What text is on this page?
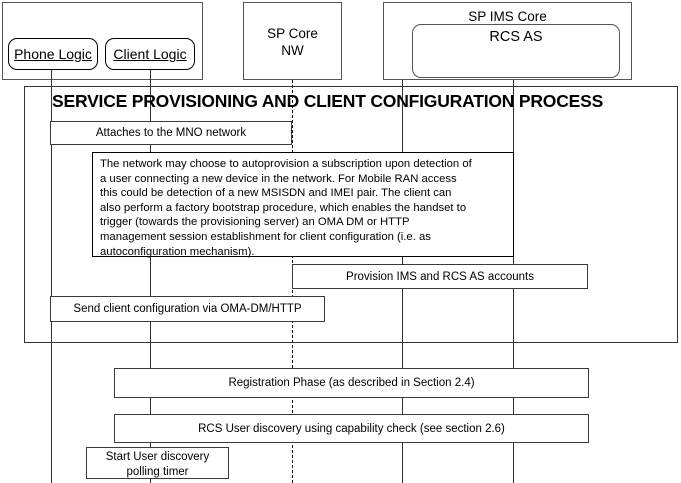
Phone Logic Client Logic
SP Core
NW
SP IMS Core
RCS AS
SERVICE PROVISIONING AND CLIENT CONFIGURATION PROCESS
Attaches to the MNO network
The network may choose to autoprovision a subscription upon detection of
a user connecting a new device in the network. For Mobile RAN access
this could be detection of a new MSISDN and IMEI pair. The client can
also perform a factory bootstrap procedure, which enables the handset to
trigger (towards the provisioning server) an OMA DM or HTTP
management session establishment for client configuration (i.e. as
autoconfiguration mechanism).
Provision IMS and RCS AS accounts
Send client configuration via OMA-DM/HTTP
Registration Phase (as described in Section 2.4)
RCS User discovery using capability check (see section 2.6)
Start User discovery
polling timer
